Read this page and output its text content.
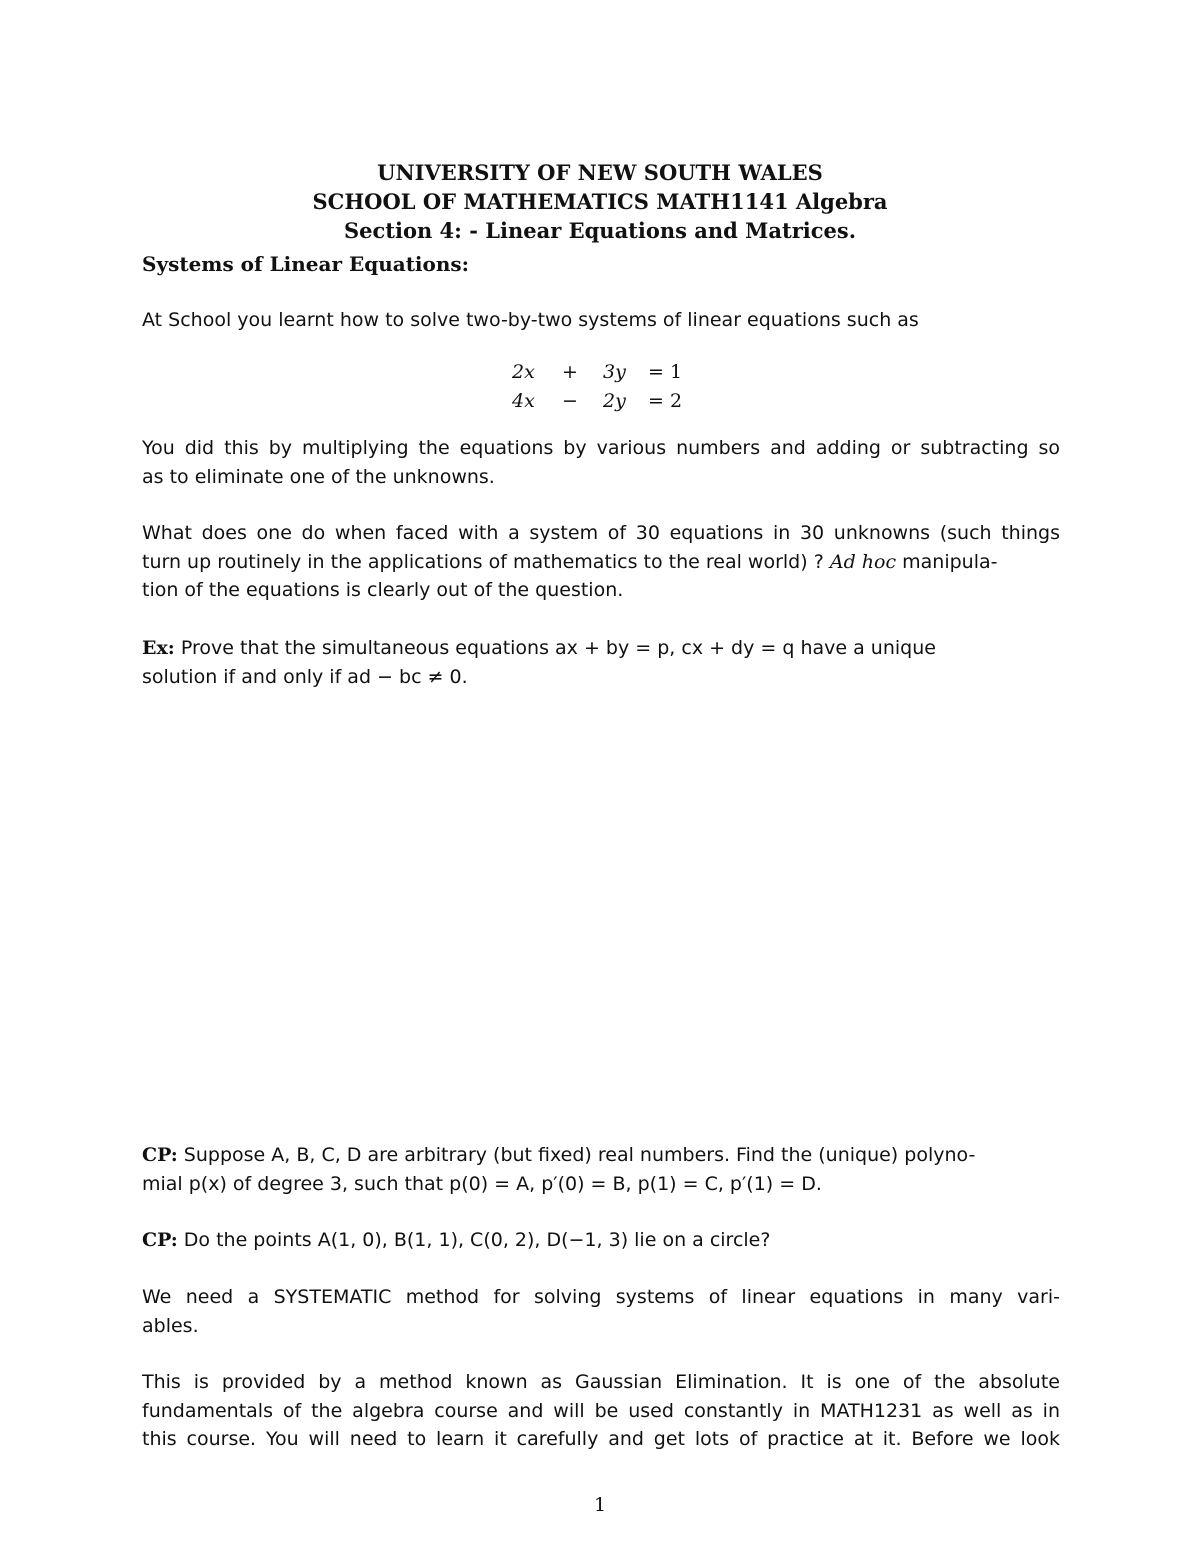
UNIVERSITY OF NEW SOUTH WALES
SCHOOL OF MATHEMATICS MATH1141 Algebra
Section 4: - Linear Equations and Matrices.
Systems of Linear Equations:
At School you learnt how to solve two-by-two systems of linear equations such as
2x + 3y = 1
4x − 2y = 2
You did this by multiplying the equations by various numbers and adding or subtracting so
as to eliminate one of the unknowns.
What does one do when faced with a system of 30 equations in 30 unknowns (such things
turn up routinely in the applications of mathematics to the real world) ? Ad hoc manipula-
tion of the equations is clearly out of the question.
Ex: Prove that the simultaneous equations ax + by = p, cx + dy = q have a unique
solution if and only if ad − bc ≠ 0.
CP: Suppose A, B, C, D are arbitrary (but fixed) real numbers. Find the (unique) polyno-
mial p(x) of degree 3, such that p(0) = A, p′(0) = B, p(1) = C, p′(1) = D.
CP: Do the points A(1, 0), B(1, 1), C(0, 2), D(−1, 3) lie on a circle?
We need a SYSTEMATIC method for solving systems of linear equations in many vari-
ables.
This is provided by a method known as Gaussian Elimination. It is one of the absolute
fundamentals of the algebra course and will be used constantly in MATH1231 as well as in
this course. You will need to learn it carefully and get lots of practice at it. Before we look
1
